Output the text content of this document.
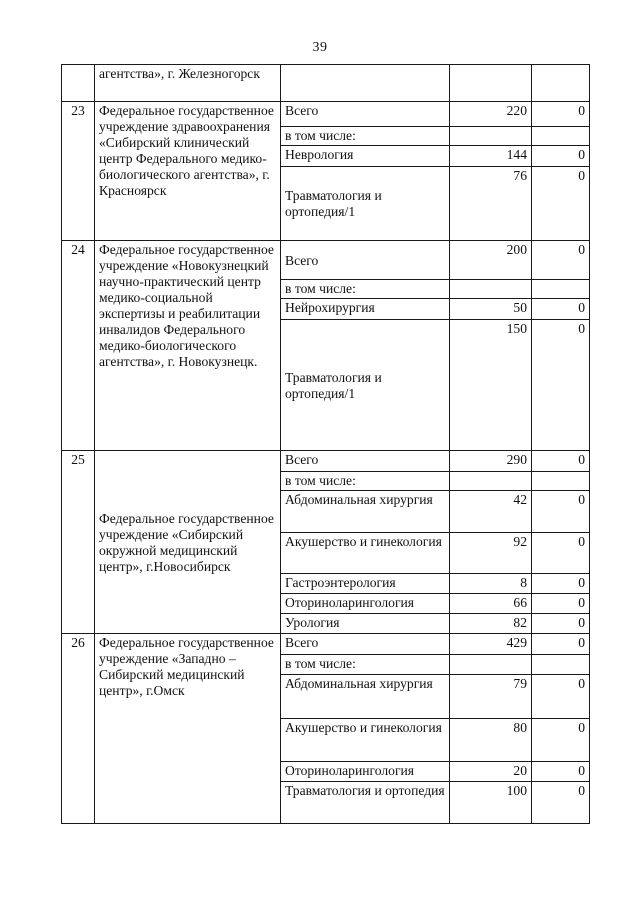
39
	агентства», г. Железногорск			
23	Федеральное государственное учреждение здравоохранения «Сибирский клинический центр Федерального медико-биологического агентства», г. Красноярск	Всего	220	0
		в том числе:		
		Неврология	144	0
		Травматология и ортопедия/1	76	0
24	Федеральное государственное учреждение «Новокузнецкий научно-практический центр медико-социальной экспертизы и реабилитации инвалидов Федерального медико-биологического агентства», г. Новокузнецк.	Всего	200	0
		в том числе:		
		Нейрохирургия	50	0
		Травматология и ортопедия/1	150	0
25	Федеральное государственное учреждение «Сибирский окружной медицинский центр», г.Новосибирск	Всего	290	0
		в том числе:		
		Абдоминальная хирургия	42	0
		Акушерство и гинекология	92	0
		Гастроэнтерология	8	0
		Оториноларингология	66	0
		Урология	82	0
26	Федеральное государственное учреждение «Западно – Сибирский медицинский центр», г.Омск	Всего	429	0
		в том числе:		
		Абдоминальная хирургия	79	0
		Акушерство и гинекология	80	0
		Оториноларингология	20	0
		Травматология и ортопедия	100	0
